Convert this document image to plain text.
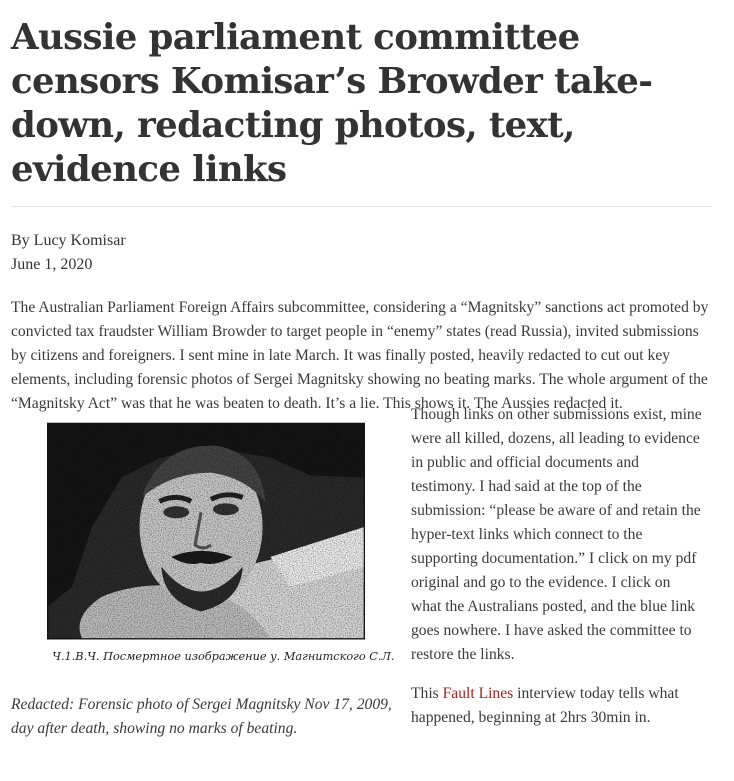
Aussie parliament committee censors Komisar’s Browder take-down, redacting photos, text, evidence links
By Lucy Komisar
June 1, 2020
The Australian Parliament Foreign Affairs subcommittee, considering a “Magnitsky” sanctions act promoted by convicted tax fraudster William Browder to target people in “enemy” states (read Russia), invited submissions by citizens and foreigners. I sent mine in late March. It was finally posted, heavily redacted to cut out key elements, including forensic photos of Sergei Magnitsky showing no beating marks. The whole argument of the “Magnitsky Act” was that he was beaten to death. It’s a lie. This shows it. The Aussies redacted it.
Ч.1.В.Ч. Посмертное изображение у. Магнитского С.Л.
Redacted: Forensic photo of Sergei Magnitsky Nov 17, 2009, day after death, showing no marks of beating.

Though links on other submissions exist, mine were all killed, dozens, all leading to evidence in public and official documents and testimony. I had said at the top of the submission: “please be aware of and retain the hyper-text links which connect to the supporting documentation.” I click on my pdf original and go to the evidence. I click on what the Australians posted, and the blue link goes nowhere. I have asked the committee to restore the links.

This Fault Lines interview today tells what happened, beginning at 2hrs 30min in.
